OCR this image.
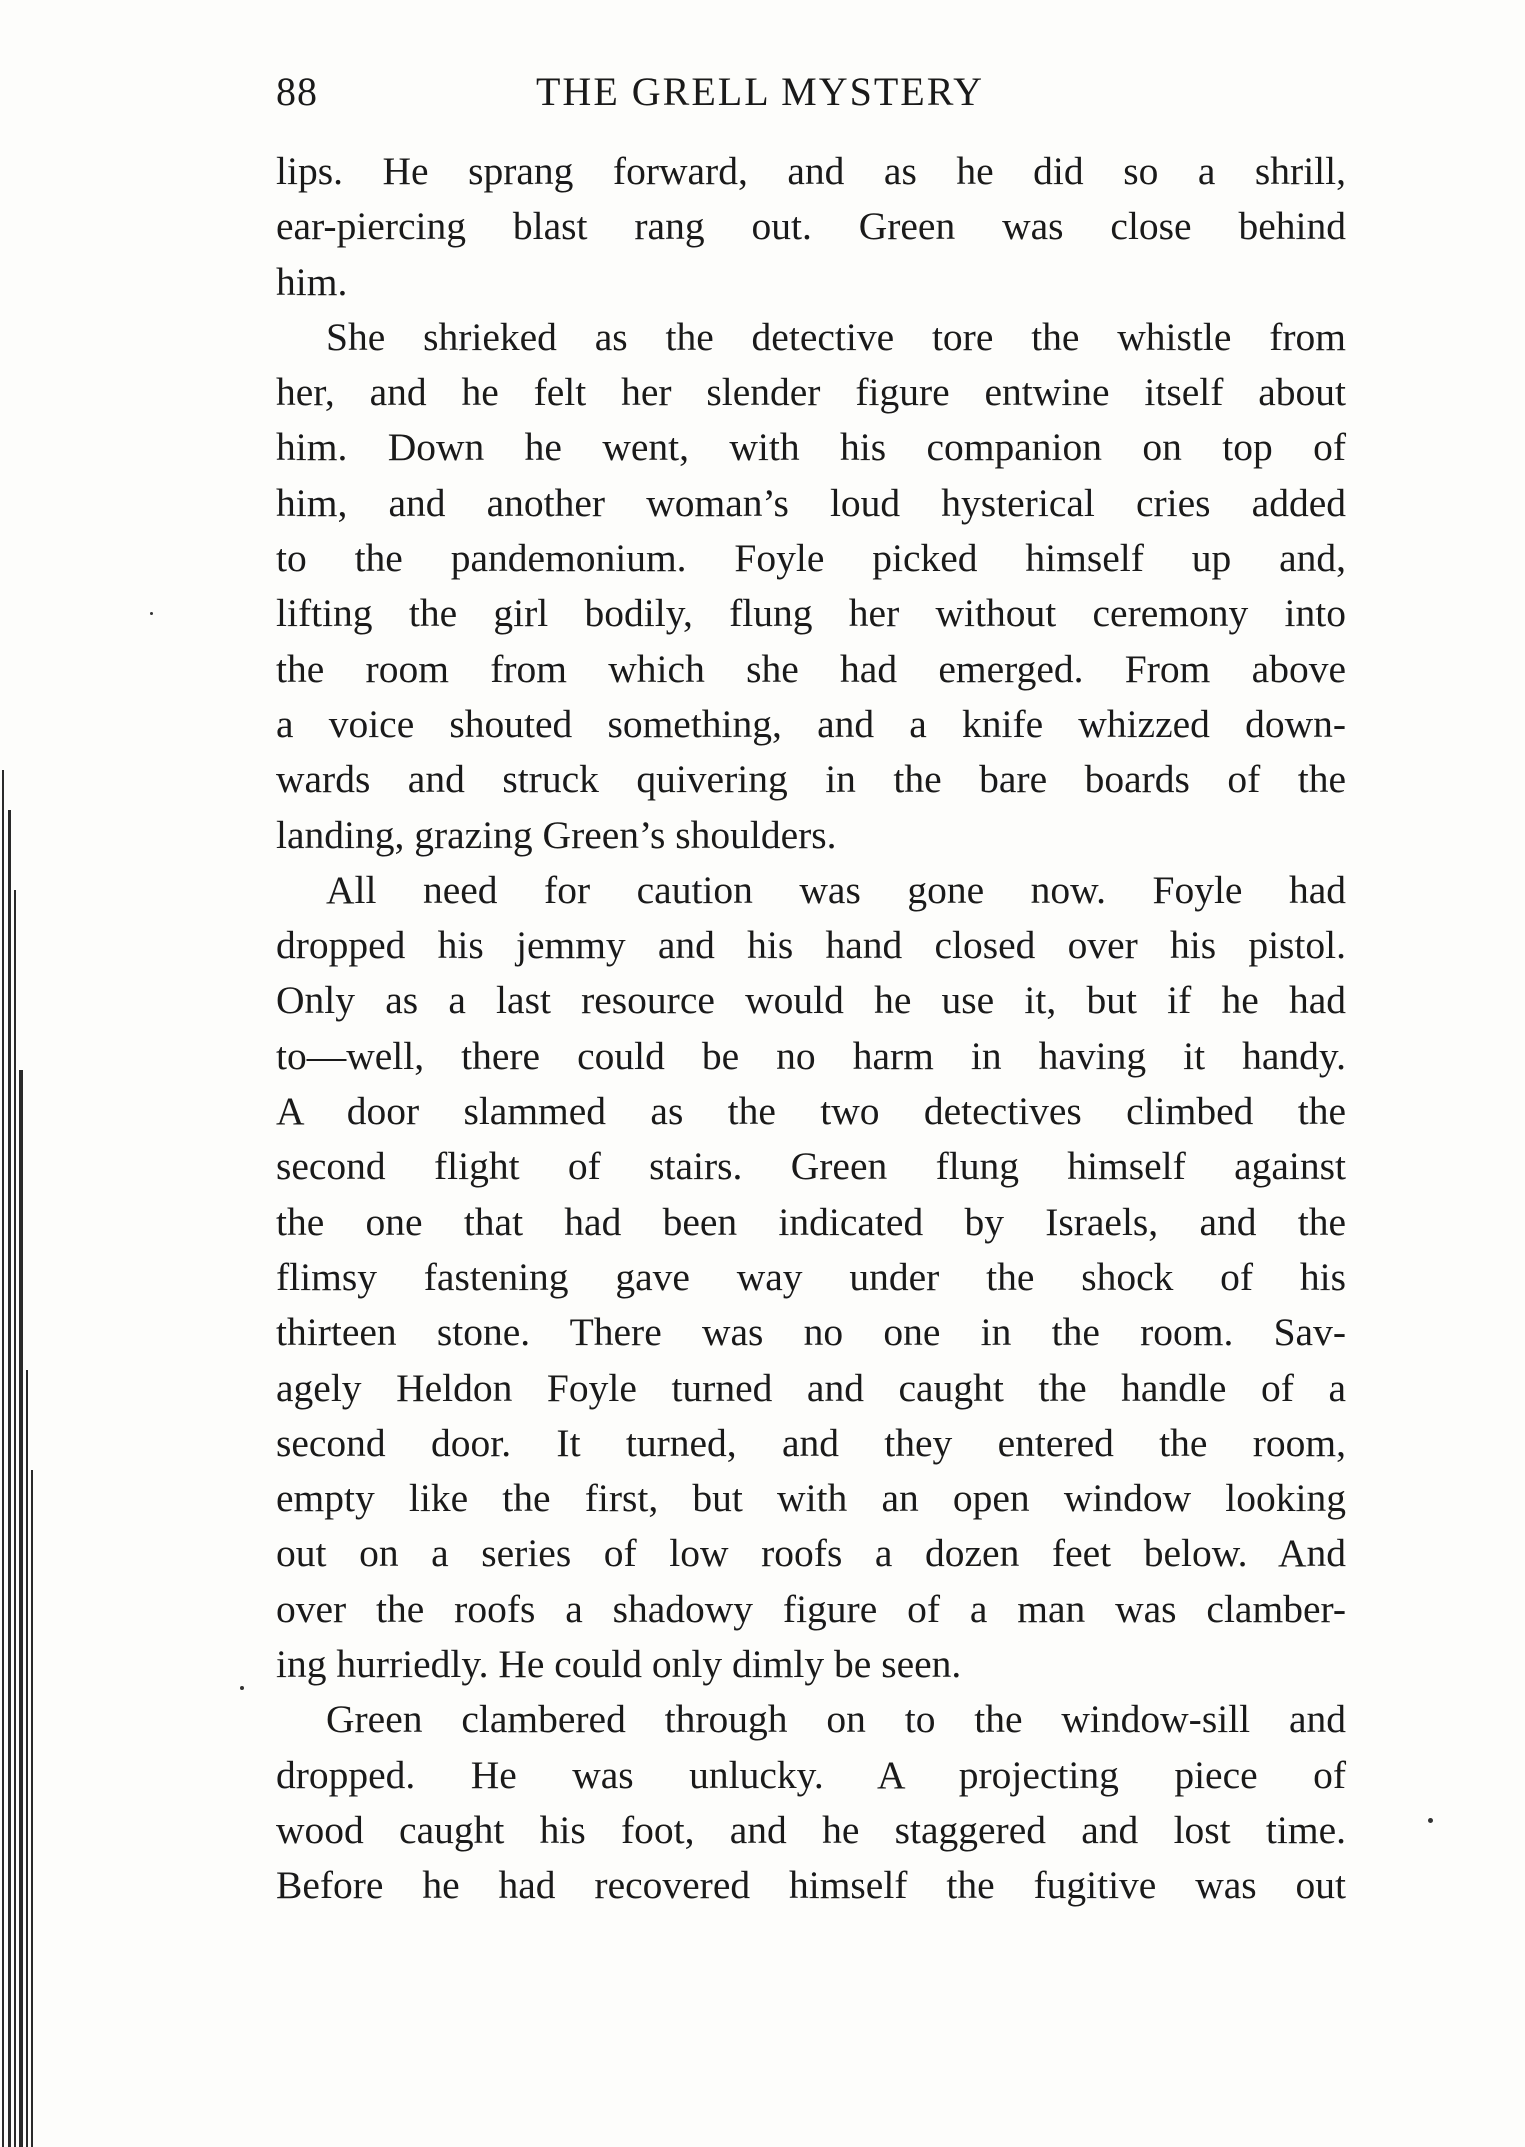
88	THE GRELL MYSTERY
lips. He sprang forward, and as he did so a shrill,
ear-piercing blast rang out. Green was close behind
him.
She shrieked as the detective tore the whistle from
her, and he felt her slender figure entwine itself about
him. Down he went, with his companion on top of
him, and another woman’s loud hysterical cries added
to the pandemonium. Foyle picked himself up and,
lifting the girl bodily, flung her without ceremony into
the room from which she had emerged. From above
a voice shouted something, and a knife whizzed down-
wards and struck quivering in the bare boards of the
landing, grazing Green’s shoulders.
All need for caution was gone now. Foyle had
dropped his jemmy and his hand closed over his pistol.
Only as a last resource would he use it, but if he had
to—well, there could be no harm in having it handy.
A door slammed as the two detectives climbed the
second flight of stairs. Green flung himself against
the one that had been indicated by Israels, and the
flimsy fastening gave way under the shock of his
thirteen stone. There was no one in the room. Sav-
agely Heldon Foyle turned and caught the handle of a
second door. It turned, and they entered the room,
empty like the first, but with an open window looking
out on a series of low roofs a dozen feet below. And
over the roofs a shadowy figure of a man was clamber-
ing hurriedly. He could only dimly be seen.
Green clambered through on to the window-sill and
dropped. He was unlucky. A projecting piece of
wood caught his foot, and he staggered and lost time.
Before he had recovered himself the fugitive was out
